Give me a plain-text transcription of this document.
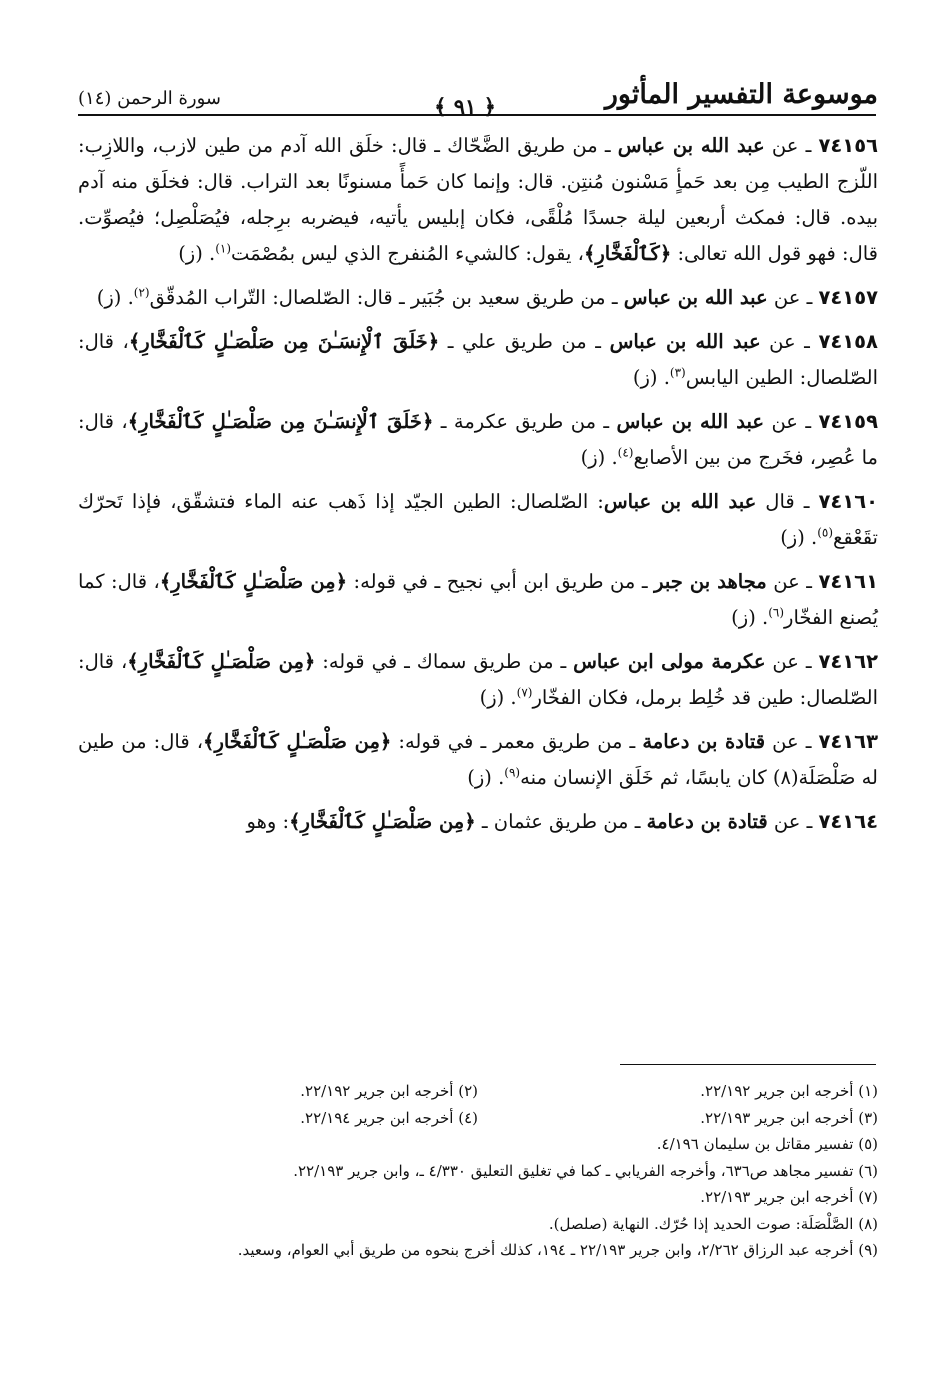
موسوعة التفسير المأثور
سورة الرحمن (١٤)	﴿ ٩١ ﴾

٧٤١٥٦ ـ عن عبد الله بن عباس ـ من طريق الضَّحّاك ـ قال: خلَق الله آدم من طين لازب، واللازِب: اللّزج الطيب مِن بعد حَمأٍ مَسْنون مُنتِن. قال: وإنما كان حَمأً مسنونًا بعد التراب. قال: فخلَق منه آدم بيده. قال: فمكث أربعين ليلة جسدًا مُلْقًى، فكان إبليس يأتيه، فيضربه برِجله، فيُصَلْصِل؛ فيُصوِّت. قال: فهو قول الله تعالى: ﴿كَٱلْفَخَّارِ﴾، يقول: كالشيء المُنفرج الذي ليس بمُصْمَت$^{(١)}$. (ز)

٧٤١٥٧ ـ عن عبد الله بن عباس ـ من طريق سعيد بن جُبَير ـ قال: الصّلصال: التّراب المُدقّق$^{(٢)}$. (ز)

٧٤١٥٨ ـ عن عبد الله بن عباس ـ من طريق علي ـ ﴿خَلَقَ ٱلْإِنسَـٰنَ مِن صَلْصَـٰلٍ كَٱلْفَخَّارِ﴾، قال: الصّلصال: الطين اليابس$^{(٣)}$. (ز)

٧٤١٥٩ ـ عن عبد الله بن عباس ـ من طريق عكرمة ـ ﴿خَلَقَ ٱلْإِنسَـٰنَ مِن صَلْصَـٰلٍ كَٱلْفَخَّارِ﴾، قال: ما عُصِر، فخَرج من بين الأصابع$^{(٤)}$. (ز)

٧٤١٦٠ ـ قال عبد الله بن عباس: الصّلصال: الطين الجيّد إذا ذَهب عنه الماء فتشقّق، فإذا تَحرّك تقَعْقع$^{(٥)}$. (ز)

٧٤١٦١ ـ عن مجاهد بن جبر ـ من طريق ابن أبي نجيح ـ في قوله: ﴿مِن صَلْصَـٰلٍ كَٱلْفَخَّارِ﴾، قال: كما يُصنع الفخّار$^{(٦)}$. (ز)

٧٤١٦٢ ـ عن عكرمة مولى ابن عباس ـ من طريق سماك ـ في قوله: ﴿مِن صَلْصَـٰلٍ كَٱلْفَخَّارِ﴾، قال: الصّلصال: طين قد خُلِط برمل، فكان الفخّار$^{(٧)}$. (ز)

٧٤١٦٣ ـ عن قتادة بن دعامة ـ من طريق معمر ـ في قوله: ﴿مِن صَلْصَـٰلٍ كَٱلْفَخَّارِ﴾، قال: من طين له صَلْصَلَة(٨) كان يابسًا، ثم خَلَق الإنسان منه$^{(٩)}$. (ز)

٧٤١٦٤ ـ عن قتادة بن دعامة ـ من طريق عثمان ـ ﴿مِن صَلْصَـٰلٍ كَٱلْفَخَّارِ﴾: وهو

(١) أخرجه ابن جرير ٢٢/١٩٢.

(٢) أخرجه ابن جرير ٢٢/١٩٢.

(٣) أخرجه ابن جرير ٢٢/١٩٣.

(٤) أخرجه ابن جرير ٢٢/١٩٤.

(٥) تفسير مقاتل بن سليمان ٤/١٩٦.

(٦) تفسير مجاهد ص٦٣٦، وأخرجه الفريابي ـ كما في تغليق التعليق ٤/٣٣٠ ـ، وابن جرير ٢٢/١٩٣.

(٧) أخرجه ابن جرير ٢٢/١٩٣.

(٨) الصَّلْصَلَة: صوت الحديد إذا حُرّك. النهاية (صلصل).

(٩) أخرجه عبد الرزاق ٢/٢٦٢، وابن جرير ٢٢/١٩٣ ـ ١٩٤، كذلك أخرج بنحوه من طريق أبي العوام، وسعيد.
